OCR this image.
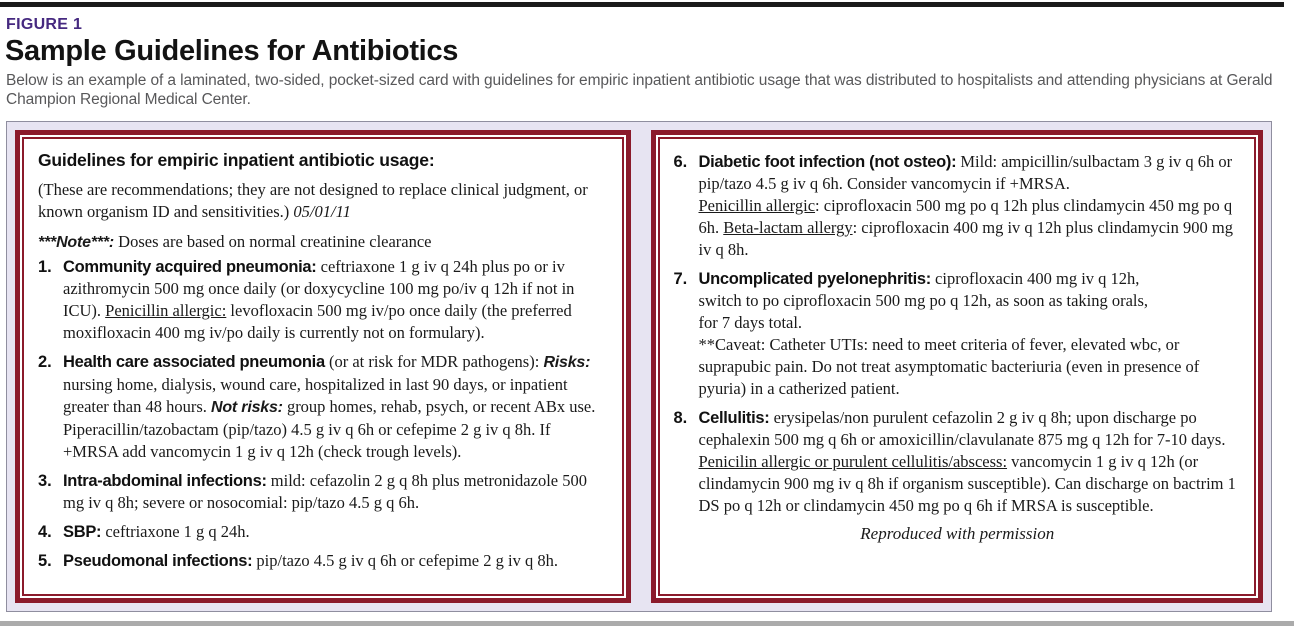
FIGURE 1
Sample Guidelines for Antibiotics
Below is an example of a laminated, two-sided, pocket-sized card with guidelines for empiric inpatient antibiotic usage that was distributed to hospitalists and attending physicians at Gerald Champion Regional Medical Center.
Guidelines for empiric inpatient antibiotic usage:
(These are recommendations; they are not designed to replace clinical judgment, or known organism ID and sensitivities.) 05/01/11
***Note***: Doses are based on normal creatinine clearance
1. Community acquired pneumonia: ceftriaxone 1 g iv q 24h plus po or iv azithromycin 500 mg once daily (or doxycycline 100 mg po/iv q 12h if not in ICU). Penicillin allergic: levofloxacin 500 mg iv/po once daily (the preferred moxifloxacin 400 mg iv/po daily is currently not on formulary).
2. Health care associated pneumonia (or at risk for MDR pathogens): Risks: nursing home, dialysis, wound care, hospitalized in last 90 days, or inpatient greater than 48 hours. Not risks: group homes, rehab, psych, or recent ABx use. Piperacillin/tazobactam (pip/tazo) 4.5 g iv q 6h or cefepime 2 g iv q 8h. If +MRSA add vancomycin 1 g iv q 12h (check trough levels).
3. Intra-abdominal infections: mild: cefazolin 2 g q 8h plus metronidazole 500 mg iv q 8h; severe or nosocomial: pip/tazo 4.5 g q 6h.
4. SBP: ceftriaxone 1 g q 24h.
5. Pseudomonal infections: pip/tazo 4.5 g iv q 6h or cefepime 2 g iv q 8h.
6. Diabetic foot infection (not osteo): Mild: ampicillin/sulbactam 3 g iv q 6h or pip/tazo 4.5 g iv q 6h. Consider vancomycin if +MRSA.
Penicillin allergic: ciprofloxacin 500 mg po q 12h plus clindamycin 450 mg po q 6h. Beta-lactam allergy: ciprofloxacin 400 mg iv q 12h plus clindamycin 900 mg iv q 8h.
7. Uncomplicated pyelonephritis: ciprofloxacin 400 mg iv q 12h,
switch to po ciprofloxacin 500 mg po q 12h, as soon as taking orals,
for 7 days total.
**Caveat: Catheter UTIs: need to meet criteria of fever, elevated wbc, or suprapubic pain. Do not treat asymptomatic bacteriuria (even in presence of pyuria) in a catherized patient.
8. Cellulitis: erysipelas/non purulent cefazolin 2 g iv q 8h; upon discharge po cephalexin 500 mg q 6h or amoxicillin/clavulanate 875 mg q 12h for 7-10 days. Penicilin allergic or purulent cellulitis/abscess: vancomycin 1 g iv q 12h (or clindamycin 900 mg iv q 8h if organism susceptible). Can discharge on bactrim 1 DS po q 12h or clindamycin 450 mg po q 6h if MRSA is susceptible.
Reproduced with permission
